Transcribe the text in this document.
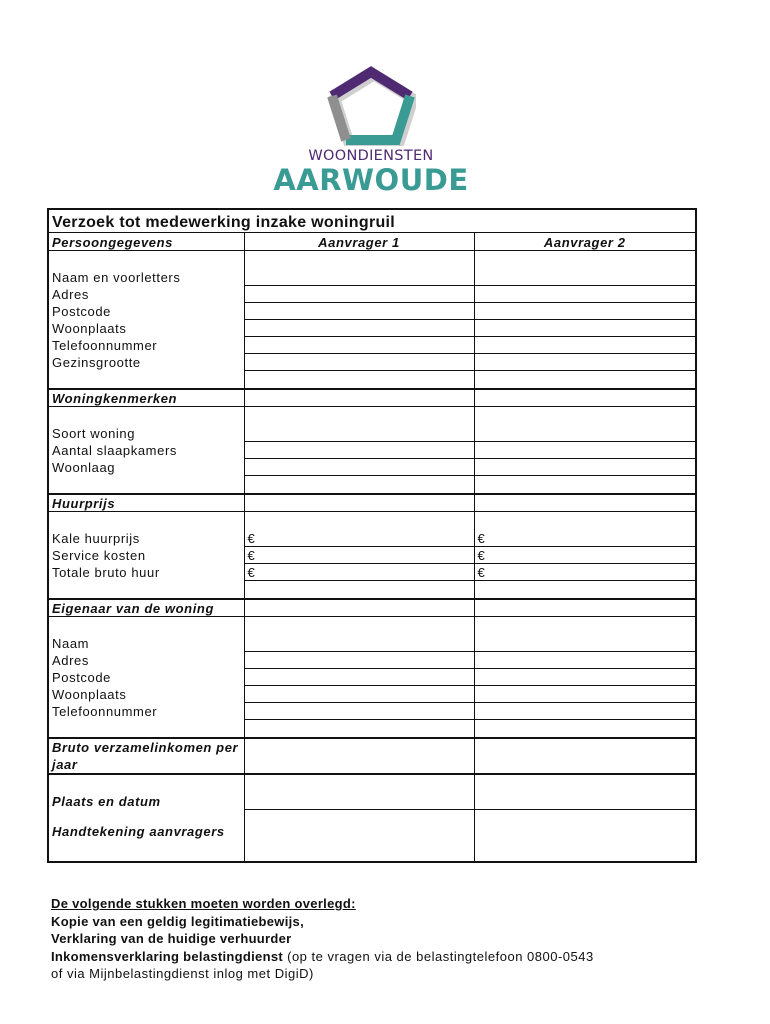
WOONDIENSTEN
AARWOUDE
Verzoek tot medewerking inzake woningruil		
Persoongegevens	Aanvrager 1	Aanvrager 2
Naam en voorletters		
Adres		
Postcode		
Woonplaats		
Telefoonnummer		
Gezinsgrootte		

Woningkenmerken		
Soort woning		
Aantal slaapkamers		
Woonlaag		

Huurprijs		
Kale huurprijs	€	€
Service kosten	€	€
Totale bruto huur	€	€

Eigenaar van de woning		
Naam		
Adres		
Postcode		
Woonplaats		
Telefoonnummer		

Bruto verzamelinkomen per jaar		
Plaats en datum		
Handtekening aanvragers		
De volgende stukken moeten worden overlegd:
Kopie van een geldig legitimatiebewijs,
Verklaring van de huidige verhuurder
Inkomensverklaring belastingdienst (op te vragen via de belastingtelefoon 0800-0543
of via Mijnbelastingdienst inlog met DigiD)
